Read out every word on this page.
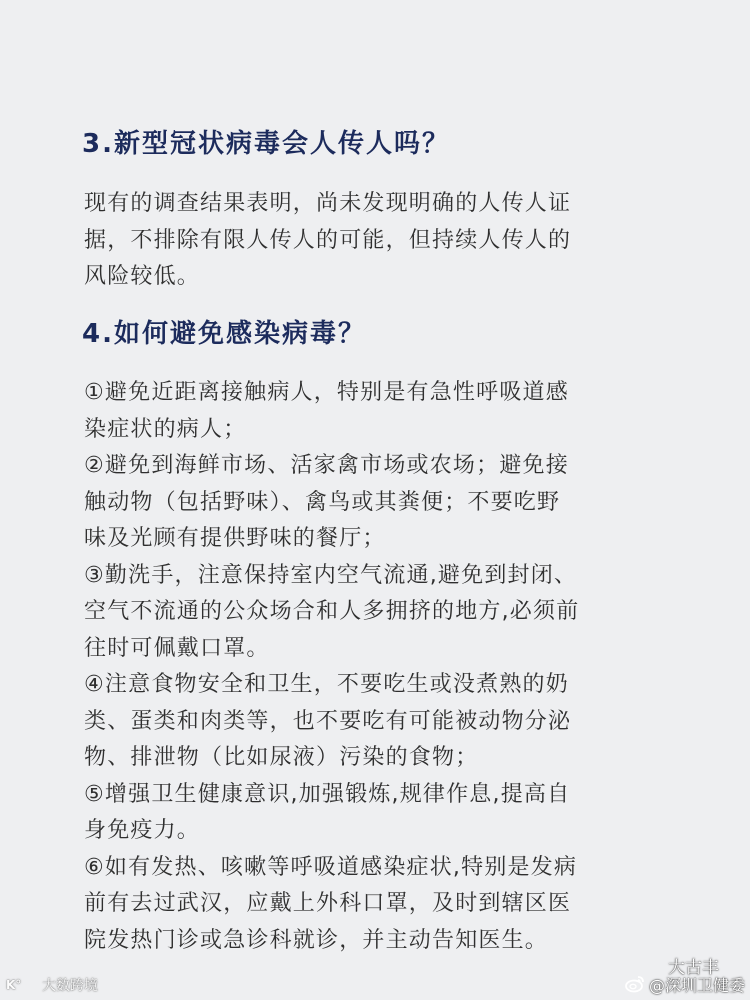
3.新型冠状病毒会人传人吗？
现有的调查结果表明，尚未发现明确的人传人证
据，不排除有限人传人的可能，但持续人传人的
风险较低。
4.如何避免感染病毒？
①避免近距离接触病人，特别是有急性呼吸道感
染症状的病人；
②避免到海鲜市场、活家禽市场或农场；避免接
触动物（包括野味）、禽鸟或其粪便；不要吃野
味及光顾有提供野味的餐厅；
③勤洗手，注意保持室内空气流通,避免到封闭、
空气不流通的公众场合和人多拥挤的地方,必须前
往时可佩戴口罩。
④注意食物安全和卫生，不要吃生或没煮熟的奶
类、蛋类和肉类等，也不要吃有可能被动物分泌
物、排泄物（比如尿液）污染的食物；
⑤增强卫生健康意识,加强锻炼,规律作息,提高自
身免疫力。
⑥如有发热、咳嗽等呼吸道感染症状,特别是发病
前有去过武汉，应戴上外科口罩，及时到辖区医
院发热门诊或急诊科就诊，并主动告知医生。
K°	大数跨境
大古丰
@深圳卫健委
